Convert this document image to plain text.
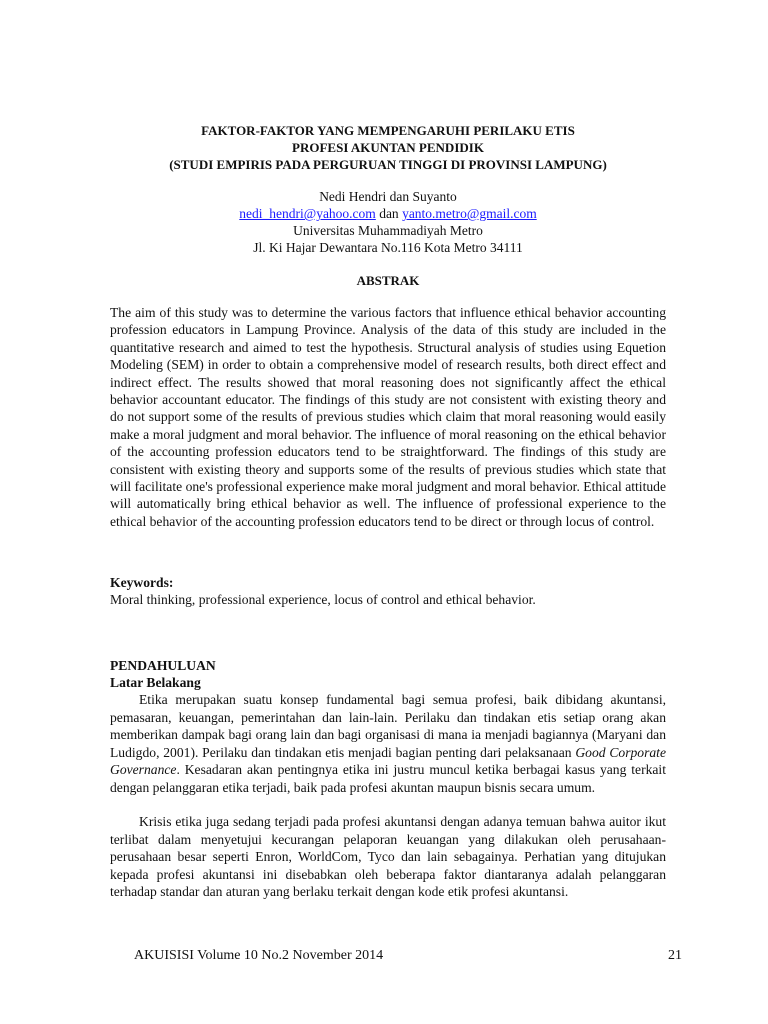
FAKTOR-FAKTOR YANG MEMPENGARUHI PERILAKU ETIS
PROFESI AKUNTAN PENDIDIK
(STUDI EMPIRIS PADA PERGURUAN TINGGI DI PROVINSI LAMPUNG)
Nedi Hendri dan Suyanto
nedi_hendri@yahoo.com dan yanto.metro@gmail.com
Universitas Muhammadiyah Metro
Jl. Ki Hajar Dewantara No.116 Kota Metro 34111
ABSTRAK
The aim of this study was to determine the various factors that influence ethical behavior accounting profession educators in Lampung Province. Analysis of the data of this study are included in the quantitative research and aimed to test the hypothesis. Structural analysis of studies using Equetion Modeling (SEM) in order to obtain a comprehensive model of research results, both direct effect and indirect effect. The results showed that moral reasoning does not significantly affect the ethical behavior accountant educator. The findings of this study are not consistent with existing theory and do not support some of the results of previous studies which claim that moral reasoning would easily make a moral judgment and moral behavior. The influence of moral reasoning on the ethical behavior of the accounting profession educators tend to be straightforward. The findings of this study are consistent with existing theory and supports some of the results of previous studies which state that will facilitate one's professional experience make moral judgment and moral behavior. Ethical attitude will automatically bring ethical behavior as well. The influence of professional experience to the ethical behavior of the accounting profession educators tend to be direct or through locus of control.
Keywords:
Moral thinking, professional experience, locus of control and ethical behavior.
PENDAHULUAN
Latar Belakang
Etika merupakan suatu konsep fundamental bagi semua profesi, baik dibidang akuntansi, pemasaran, keuangan, pemerintahan dan lain-lain. Perilaku dan tindakan etis setiap orang akan memberikan dampak bagi orang lain dan bagi organisasi di mana ia menjadi bagiannya (Maryani dan Ludigdo, 2001). Perilaku dan tindakan etis menjadi bagian penting dari pelaksanaan Good Corporate Governance. Kesadaran akan pentingnya etika ini justru muncul ketika berbagai kasus yang terkait dengan pelanggaran etika terjadi, baik pada profesi akuntan maupun bisnis secara umum.
Krisis etika juga sedang terjadi pada profesi akuntansi dengan adanya temuan bahwa auitor ikut terlibat dalam menyetujui kecurangan pelaporan keuangan yang dilakukan oleh perusahaan-perusahaan besar seperti Enron, WorldCom, Tyco dan lain sebagainya. Perhatian yang ditujukan kepada profesi akuntansi ini disebabkan oleh beberapa faktor diantaranya adalah pelanggaran terhadap standar dan aturan yang berlaku terkait dengan kode etik profesi akuntansi.
AKUISISI Volume 10 No.2 November 2014	21
